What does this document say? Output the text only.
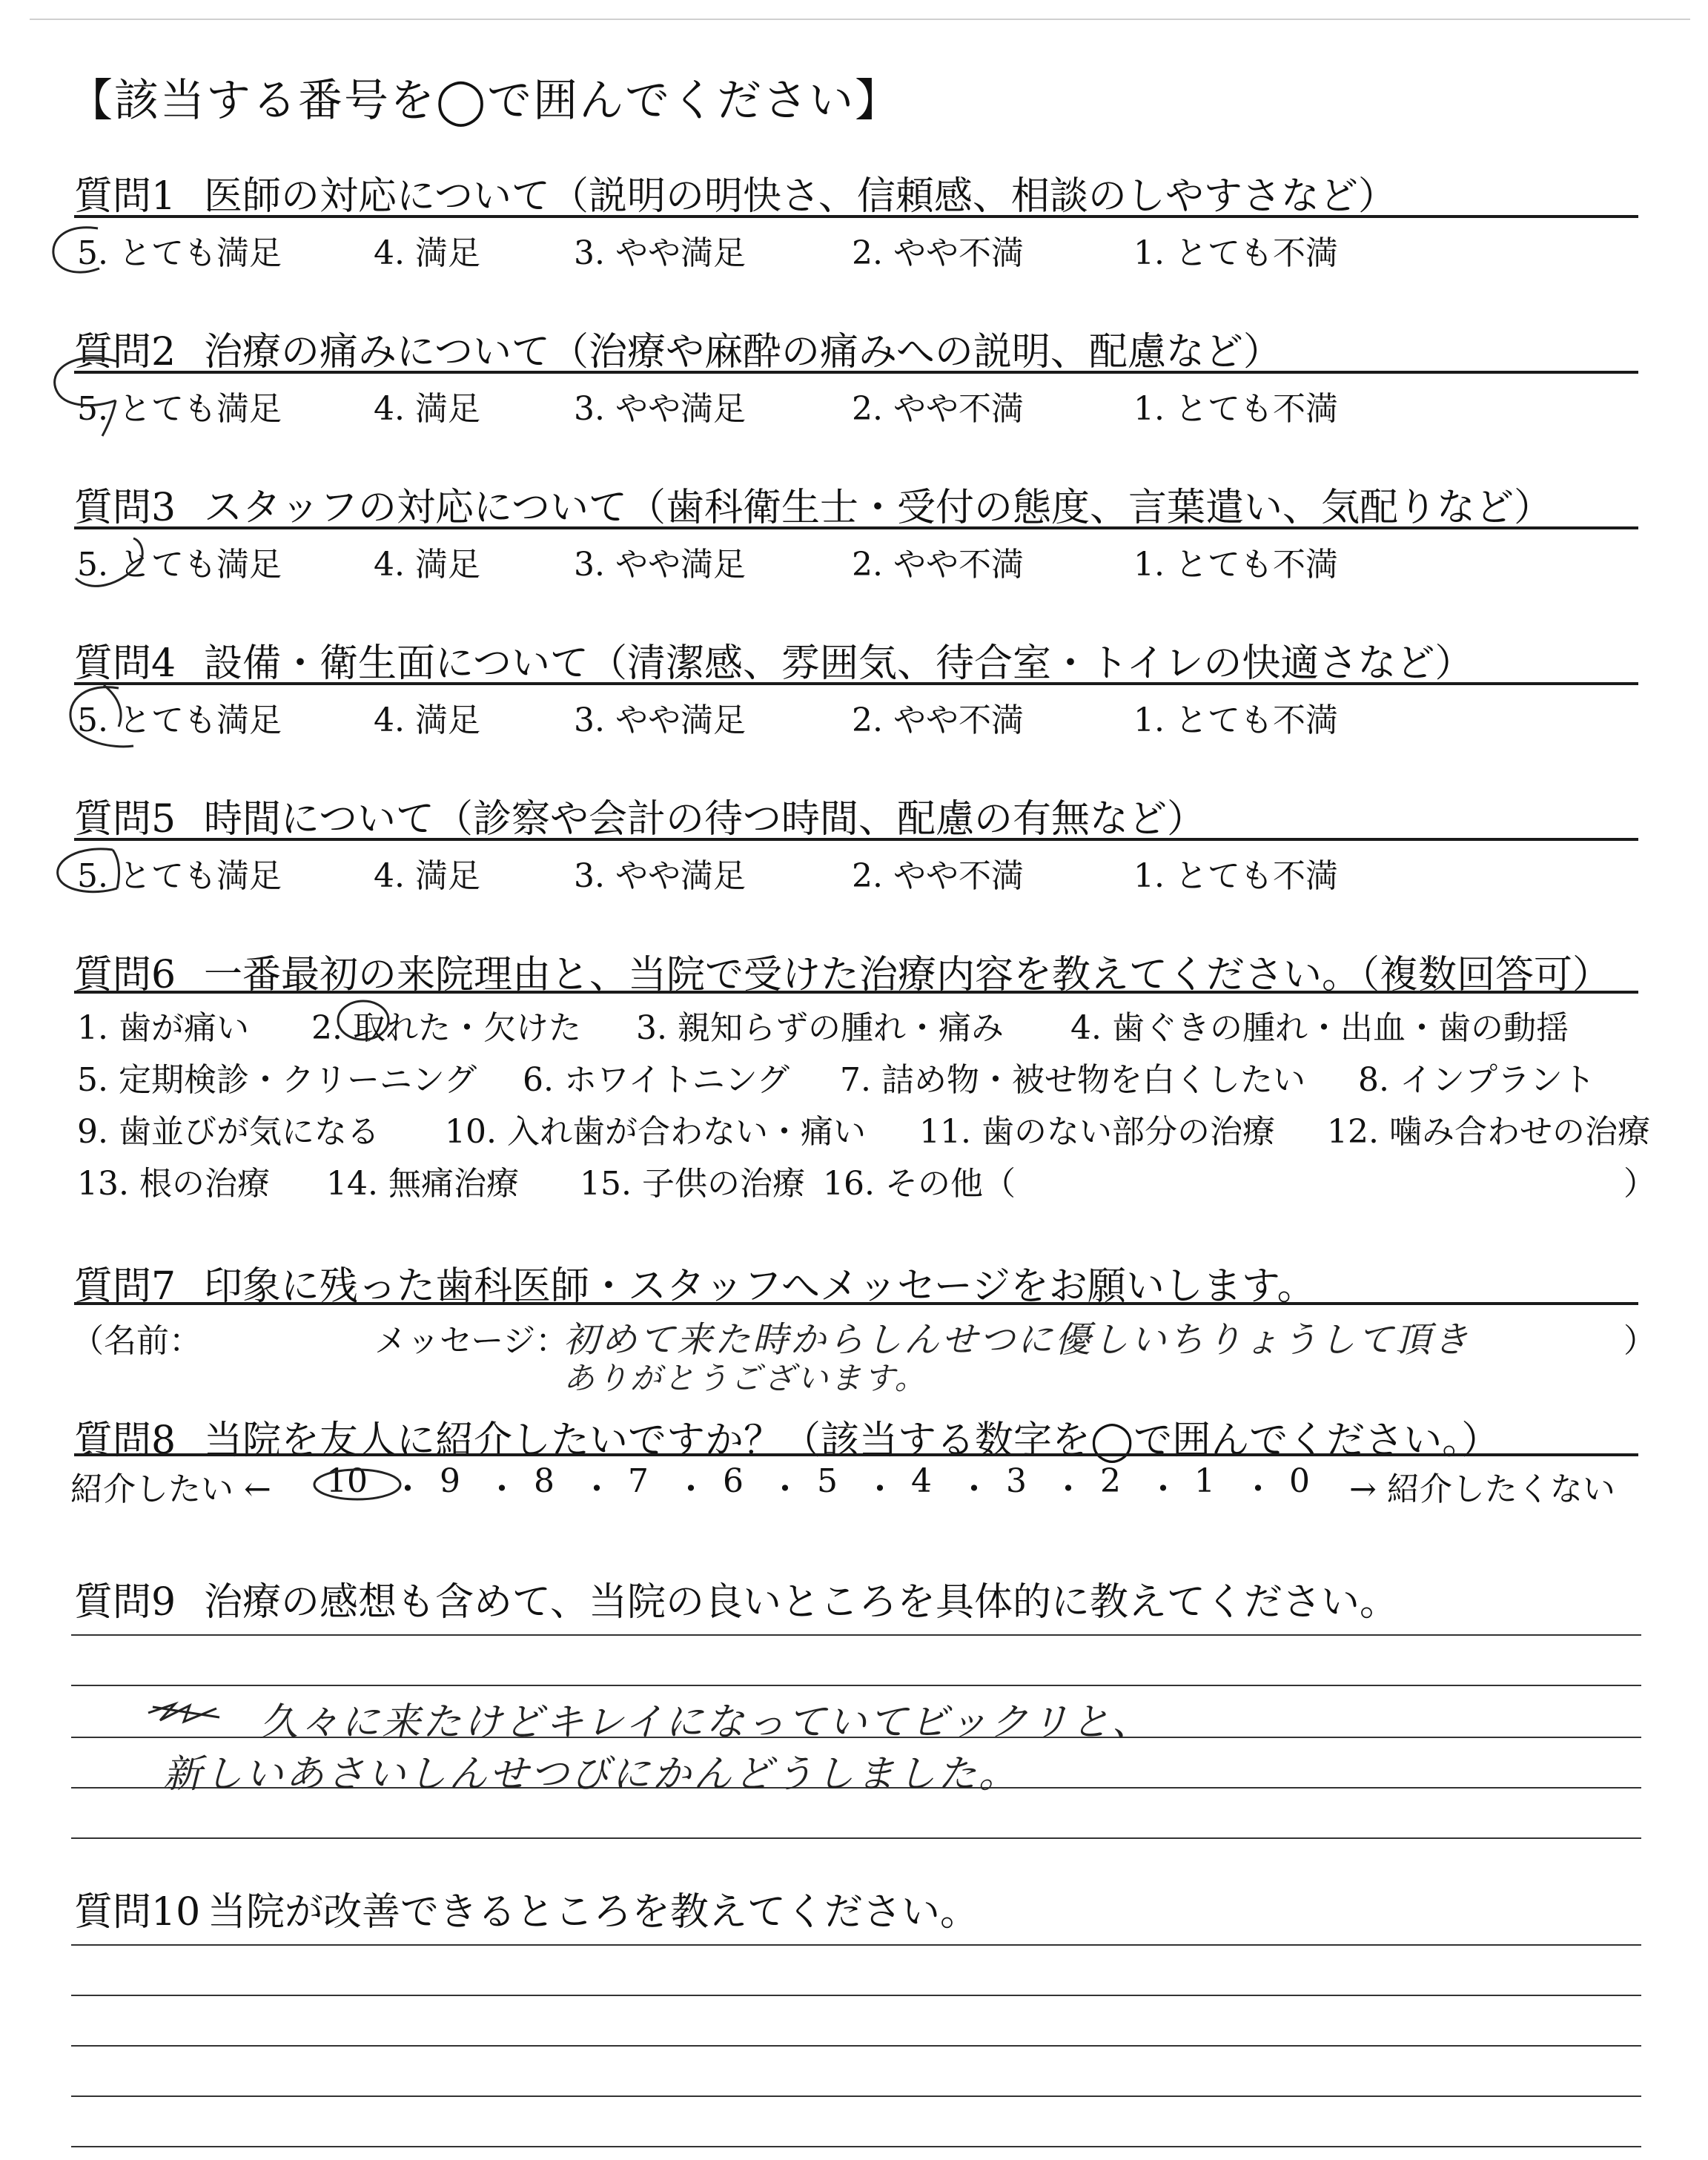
【該当する番号を◯で囲んでください】
質問1 医師の対応について（説明の明快さ、信頼感、相談のしやすさなど）
5. とても満足	4. 満足	3. やや満足	2. やや不満	1. とても不満
質問2 治療の痛みについて（治療や麻酔の痛みへの説明、配慮など）
5. とても満足	4. 満足	3. やや満足	2. やや不満	1. とても不満
質問3 スタッフの対応について（歯科衛生士・受付の態度、言葉遣い、気配りなど）
5. とても満足	4. 満足	3. やや満足	2. やや不満	1. とても不満
質問4 設備・衛生面について（清潔感、雰囲気、待合室・トイレの快適さなど）
5. とても満足	4. 満足	3. やや満足	2. やや不満	1. とても不満
質問5 時間について（診察や会計の待つ時間、配慮の有無など）
5. とても満足	4. 満足	3. やや満足	2. やや不満	1. とても不満
質問6 一番最初の来院理由と、当院で受けた治療内容を教えてください。（複数回答可）
1. 歯が痛い 2. 取れた・欠けた 3. 親知らずの腫れ・痛み 4. 歯ぐきの腫れ・出血・歯の動揺
5. 定期検診・クリーニング 6. ホワイトニング 7. 詰め物・被せ物を白くしたい 8. インプラント
9. 歯並びが気になる 10. 入れ歯が合わない・痛い 11. 歯のない部分の治療 12. 噛み合わせの治療
13. 根の治療 14. 無痛治療 15. 子供の治療 16. その他（	）
質問7 印象に残った歯科医師・スタッフへメッセージをお願いします。
（名前：	メッセージ：	）
初めて来た時からしんせつに優しいちりょうして頂き
ありがとうございます。
質問8 当院を友人に紹介したいですか？（該当する数字を◯で囲んでください。）
紹介したい ← 10 ・ 9 ・ 8 ・ 7 ・ 6 ・ 5 ・ 4 ・ 3 ・ 2 ・ 1 ・ 0 → 紹介したくない
質問9 治療の感想も含めて、当院の良いところを具体的に教えてください。
久々に来たけどキレイになっていてビックリと、
新しいあさいしんせつびにかんどうしました。
質問10 当院が改善できるところを教えてください。
